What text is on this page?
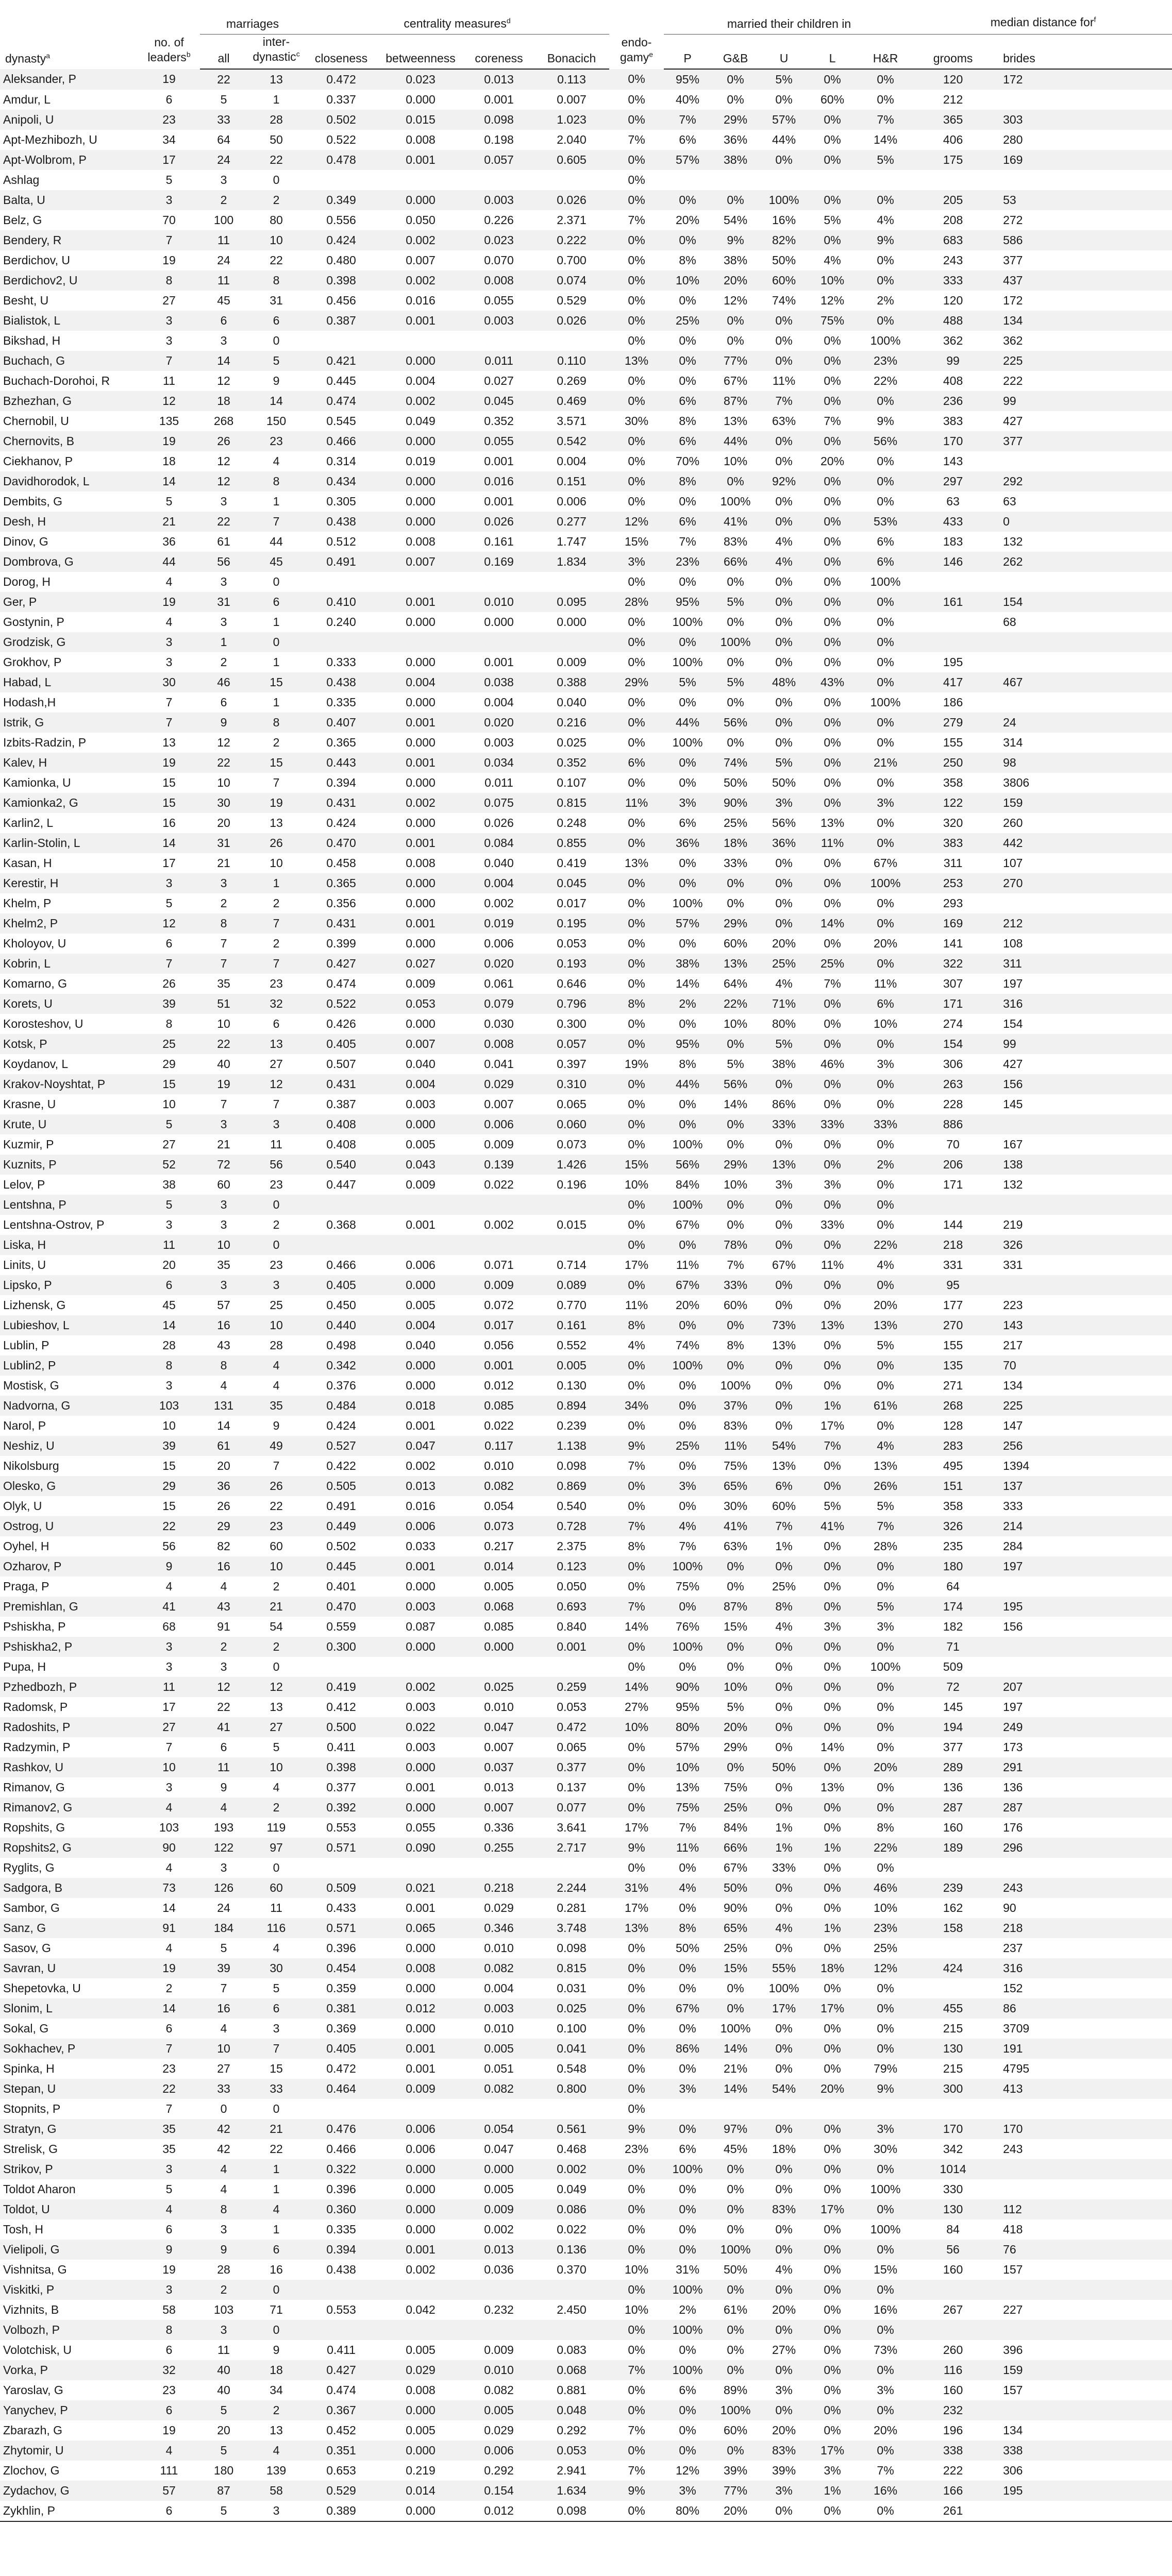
dynasty$^a$	no. of leaders$^b$	marriages		centrality measures$^d$				endo-gamy$^e$	married their children in					median distance for$^f$
		all	inter-dynastic$^c$	closeness	betweenness	coreness	Bonacich		P	G&B	U	L	H&R	grooms	brides
Aleksander, P	19	22	13	0.472	0.023	0.013	0.113	0%	95%	0%	5%	0%	0%	120	172
Amdur, L	6	5	1	0.337	0.000	0.001	0.007	0%	40%	0%	0%	60%	0%	212	
Anipoli, U	23	33	28	0.502	0.015	0.098	1.023	0%	7%	29%	57%	0%	7%	365	303
Apt-Mezhibozh, U	34	64	50	0.522	0.008	0.198	2.040	7%	6%	36%	44%	0%	14%	406	280
Apt-Wolbrom, P	17	24	22	0.478	0.001	0.057	0.605	0%	57%	38%	0%	0%	5%	175	169
Ashlag	5	3	0					0%							
Balta, U	3	2	2	0.349	0.000	0.003	0.026	0%	0%	0%	100%	0%	0%	205	53
Belz, G	70	100	80	0.556	0.050	0.226	2.371	7%	20%	54%	16%	5%	4%	208	272
Bendery, R	7	11	10	0.424	0.002	0.023	0.222	0%	0%	9%	82%	0%	9%	683	586
Berdichov, U	19	24	22	0.480	0.007	0.070	0.700	0%	8%	38%	50%	4%	0%	243	377
Berdichov2, U	8	11	8	0.398	0.002	0.008	0.074	0%	10%	20%	60%	10%	0%	333	437
Besht, U	27	45	31	0.456	0.016	0.055	0.529	0%	0%	12%	74%	12%	2%	120	172
Bialistok, L	3	6	6	0.387	0.001	0.003	0.026	0%	25%	0%	0%	75%	0%	488	134
Bikshad, H	3	3	0					0%	0%	0%	0%	0%	100%	362	362
Buchach, G	7	14	5	0.421	0.000	0.011	0.110	13%	0%	77%	0%	0%	23%	99	225
Buchach-Dorohoi, R	11	12	9	0.445	0.004	0.027	0.269	0%	0%	67%	11%	0%	22%	408	222
Bzhezhan, G	12	18	14	0.474	0.002	0.045	0.469	0%	6%	87%	7%	0%	0%	236	99
Chernobil, U	135	268	150	0.545	0.049	0.352	3.571	30%	8%	13%	63%	7%	9%	383	427
Chernovits, B	19	26	23	0.466	0.000	0.055	0.542	0%	6%	44%	0%	0%	56%	170	377
Ciekhanov, P	18	12	4	0.314	0.019	0.001	0.004	0%	70%	10%	0%	20%	0%	143	
Davidhorodok, L	14	12	8	0.434	0.000	0.016	0.151	0%	8%	0%	92%	0%	0%	297	292
Dembits, G	5	3	1	0.305	0.000	0.001	0.006	0%	0%	100%	0%	0%	0%	63	63
Desh, H	21	22	7	0.438	0.000	0.026	0.277	12%	6%	41%	0%	0%	53%	433	0
Dinov, G	36	61	44	0.512	0.008	0.161	1.747	15%	7%	83%	4%	0%	6%	183	132
Dombrova, G	44	56	45	0.491	0.007	0.169	1.834	3%	23%	66%	4%	0%	6%	146	262
Dorog, H	4	3	0					0%	0%	0%	0%	0%	100%		
Ger, P	19	31	6	0.410	0.001	0.010	0.095	28%	95%	5%	0%	0%	0%	161	154
Gostynin, P	4	3	1	0.240	0.000	0.000	0.000	0%	100%	0%	0%	0%	0%		68
Grodzisk, G	3	1	0					0%	0%	100%	0%	0%	0%		
Grokhov, P	3	2	1	0.333	0.000	0.001	0.009	0%	100%	0%	0%	0%	0%	195	
Habad, L	30	46	15	0.438	0.004	0.038	0.388	29%	5%	5%	48%	43%	0%	417	467
Hodash,H	7	6	1	0.335	0.000	0.004	0.040	0%	0%	0%	0%	0%	100%	186	
Istrik, G	7	9	8	0.407	0.001	0.020	0.216	0%	44%	56%	0%	0%	0%	279	24
Izbits-Radzin, P	13	12	2	0.365	0.000	0.003	0.025	0%	100%	0%	0%	0%	0%	155	314
Kalev, H	19	22	15	0.443	0.001	0.034	0.352	6%	0%	74%	5%	0%	21%	250	98
Kamionka, U	15	10	7	0.394	0.000	0.011	0.107	0%	0%	50%	50%	0%	0%	358	3806
Kamionka2, G	15	30	19	0.431	0.002	0.075	0.815	11%	3%	90%	3%	0%	3%	122	159
Karlin2, L	16	20	13	0.424	0.000	0.026	0.248	0%	6%	25%	56%	13%	0%	320	260
Karlin-Stolin, L	14	31	26	0.470	0.001	0.084	0.855	0%	36%	18%	36%	11%	0%	383	442
Kasan, H	17	21	10	0.458	0.008	0.040	0.419	13%	0%	33%	0%	0%	67%	311	107
Kerestir, H	3	3	1	0.365	0.000	0.004	0.045	0%	0%	0%	0%	0%	100%	253	270
Khelm, P	5	2	2	0.356	0.000	0.002	0.017	0%	100%	0%	0%	0%	0%	293	
Khelm2, P	12	8	7	0.431	0.001	0.019	0.195	0%	57%	29%	0%	14%	0%	169	212
Kholoyov, U	6	7	2	0.399	0.000	0.006	0.053	0%	0%	60%	20%	0%	20%	141	108
Kobrin, L	7	7	7	0.427	0.027	0.020	0.193	0%	38%	13%	25%	25%	0%	322	311
Komarno, G	26	35	23	0.474	0.009	0.061	0.646	0%	14%	64%	4%	7%	11%	307	197
Korets, U	39	51	32	0.522	0.053	0.079	0.796	8%	2%	22%	71%	0%	6%	171	316
Korosteshov, U	8	10	6	0.426	0.000	0.030	0.300	0%	0%	10%	80%	0%	10%	274	154
Kotsk, P	25	22	13	0.405	0.007	0.008	0.057	0%	95%	0%	5%	0%	0%	154	99
Koydanov, L	29	40	27	0.507	0.040	0.041	0.397	19%	8%	5%	38%	46%	3%	306	427
Krakov-Noyshtat, P	15	19	12	0.431	0.004	0.029	0.310	0%	44%	56%	0%	0%	0%	263	156
Krasne, U	10	7	7	0.387	0.003	0.007	0.065	0%	0%	14%	86%	0%	0%	228	145
Krute, U	5	3	3	0.408	0.000	0.006	0.060	0%	0%	0%	33%	33%	33%	886	
Kuzmir, P	27	21	11	0.408	0.005	0.009	0.073	0%	100%	0%	0%	0%	0%	70	167
Kuznits, P	52	72	56	0.540	0.043	0.139	1.426	15%	56%	29%	13%	0%	2%	206	138
Lelov, P	38	60	23	0.447	0.009	0.022	0.196	10%	84%	10%	3%	3%	0%	171	132
Lentshna, P	5	3	0					0%	100%	0%	0%	0%	0%		
Lentshna-Ostrov, P	3	3	2	0.368	0.001	0.002	0.015	0%	67%	0%	0%	33%	0%	144	219
Liska, H	11	10	0					0%	0%	78%	0%	0%	22%	218	326
Linits, U	20	35	23	0.466	0.006	0.071	0.714	17%	11%	7%	67%	11%	4%	331	331
Lipsko, P	6	3	3	0.405	0.000	0.009	0.089	0%	67%	33%	0%	0%	0%	95	
Lizhensk, G	45	57	25	0.450	0.005	0.072	0.770	11%	20%	60%	0%	0%	20%	177	223
Lubieshov, L	14	16	10	0.440	0.004	0.017	0.161	8%	0%	0%	73%	13%	13%	270	143
Lublin, P	28	43	28	0.498	0.040	0.056	0.552	4%	74%	8%	13%	0%	5%	155	217
Lublin2, P	8	8	4	0.342	0.000	0.001	0.005	0%	100%	0%	0%	0%	0%	135	70
Mostisk, G	3	4	4	0.376	0.000	0.012	0.130	0%	0%	100%	0%	0%	0%	271	134
Nadvorna, G	103	131	35	0.484	0.018	0.085	0.894	34%	0%	37%	0%	1%	61%	268	225
Narol, P	10	14	9	0.424	0.001	0.022	0.239	0%	0%	83%	0%	17%	0%	128	147
Neshiz, U	39	61	49	0.527	0.047	0.117	1.138	9%	25%	11%	54%	7%	4%	283	256
Nikolsburg	15	20	7	0.422	0.002	0.010	0.098	7%	0%	75%	13%	0%	13%	495	1394
Olesko, G	29	36	26	0.505	0.013	0.082	0.869	0%	3%	65%	6%	0%	26%	151	137
Olyk, U	15	26	22	0.491	0.016	0.054	0.540	0%	0%	30%	60%	5%	5%	358	333
Ostrog, U	22	29	23	0.449	0.006	0.073	0.728	7%	4%	41%	7%	41%	7%	326	214
Oyhel, H	56	82	60	0.502	0.033	0.217	2.375	8%	7%	63%	1%	0%	28%	235	284
Ozharov, P	9	16	10	0.445	0.001	0.014	0.123	0%	100%	0%	0%	0%	0%	180	197
Praga, P	4	4	2	0.401	0.000	0.005	0.050	0%	75%	0%	25%	0%	0%	64	
Premishlan, G	41	43	21	0.470	0.003	0.068	0.693	7%	0%	87%	8%	0%	5%	174	195
Pshiskha, P	68	91	54	0.559	0.087	0.085	0.840	14%	76%	15%	4%	3%	3%	182	156
Pshiskha2, P	3	2	2	0.300	0.000	0.000	0.001	0%	100%	0%	0%	0%	0%	71	
Pupa, H	3	3	0					0%	0%	0%	0%	0%	100%	509	
Pzhedbozh, P	11	12	12	0.419	0.002	0.025	0.259	14%	90%	10%	0%	0%	0%	72	207
Radomsk, P	17	22	13	0.412	0.003	0.010	0.053	27%	95%	5%	0%	0%	0%	145	197
Radoshits, P	27	41	27	0.500	0.022	0.047	0.472	10%	80%	20%	0%	0%	0%	194	249
Radzymin, P	7	6	5	0.411	0.003	0.007	0.065	0%	57%	29%	0%	14%	0%	377	173
Rashkov, U	10	11	10	0.398	0.000	0.037	0.377	0%	10%	0%	50%	0%	20%	289	291
Rimanov, G	3	9	4	0.377	0.001	0.013	0.137	0%	13%	75%	0%	13%	0%	136	136
Rimanov2, G	4	4	2	0.392	0.000	0.007	0.077	0%	75%	25%	0%	0%	0%	287	287
Ropshits, G	103	193	119	0.553	0.055	0.336	3.641	17%	7%	84%	1%	0%	8%	160	176
Ropshits2, G	90	122	97	0.571	0.090	0.255	2.717	9%	11%	66%	1%	1%	22%	189	296
Ryglits, G	4	3	0					0%	0%	67%	33%	0%	0%		
Sadgora, B	73	126	60	0.509	0.021	0.218	2.244	31%	4%	50%	0%	0%	46%	239	243
Sambor, G	14	24	11	0.433	0.001	0.029	0.281	17%	0%	90%	0%	0%	10%	162	90
Sanz, G	91	184	116	0.571	0.065	0.346	3.748	13%	8%	65%	4%	1%	23%	158	218
Sasov, G	4	5	4	0.396	0.000	0.010	0.098	0%	50%	25%	0%	0%	25%		237
Savran, U	19	39	30	0.454	0.008	0.082	0.815	0%	0%	15%	55%	18%	12%	424	316
Shepetovka, U	2	7	5	0.359	0.000	0.004	0.031	0%	0%	0%	100%	0%	0%		152
Slonim, L	14	16	6	0.381	0.012	0.003	0.025	0%	67%	0%	17%	17%	0%	455	86
Sokal, G	6	4	3	0.369	0.000	0.010	0.100	0%	0%	100%	0%	0%	0%	215	3709
Sokhachev, P	7	10	7	0.405	0.001	0.005	0.041	0%	86%	14%	0%	0%	0%	130	191
Spinka, H	23	27	15	0.472	0.001	0.051	0.548	0%	0%	21%	0%	0%	79%	215	4795
Stepan, U	22	33	33	0.464	0.009	0.082	0.800	0%	3%	14%	54%	20%	9%	300	413
Stopnits, P	7	0	0					0%							
Stratyn, G	35	42	21	0.476	0.006	0.054	0.561	9%	0%	97%	0%	0%	3%	170	170
Strelisk, G	35	42	22	0.466	0.006	0.047	0.468	23%	6%	45%	18%	0%	30%	342	243
Strikov, P	3	4	1	0.322	0.000	0.000	0.002	0%	100%	0%	0%	0%	0%	1014	
Toldot Aharon	5	4	1	0.396	0.000	0.005	0.049	0%	0%	0%	0%	0%	100%	330	
Toldot, U	4	8	4	0.360	0.000	0.009	0.086	0%	0%	0%	83%	17%	0%	130	112
Tosh, H	6	3	1	0.335	0.000	0.002	0.022	0%	0%	0%	0%	0%	100%	84	418
Vielipoli, G	9	9	6	0.394	0.001	0.013	0.136	0%	0%	100%	0%	0%	0%	56	76
Vishnitsa, G	19	28	16	0.438	0.002	0.036	0.370	10%	31%	50%	4%	0%	15%	160	157
Viskitki, P	3	2	0					0%	100%	0%	0%	0%	0%		
Vizhnits, B	58	103	71	0.553	0.042	0.232	2.450	10%	2%	61%	20%	0%	16%	267	227
Volbozh, P	8	3	0					0%	100%	0%	0%	0%	0%		
Volotchisk, U	6	11	9	0.411	0.005	0.009	0.083	0%	0%	0%	27%	0%	73%	260	396
Vorka, P	32	40	18	0.427	0.029	0.010	0.068	7%	100%	0%	0%	0%	0%	116	159
Yaroslav, G	23	40	34	0.474	0.008	0.082	0.881	0%	6%	89%	3%	0%	3%	160	157
Yanychev, P	6	5	2	0.367	0.000	0.005	0.048	0%	0%	100%	0%	0%	0%	232	
Zbarazh, G	19	20	13	0.452	0.005	0.029	0.292	7%	0%	60%	20%	0%	20%	196	134
Zhytomir, U	4	5	4	0.351	0.000	0.006	0.053	0%	0%	0%	83%	17%	0%	338	338
Zlochov, G	111	180	139	0.653	0.219	0.292	2.941	7%	12%	39%	39%	3%	7%	222	306
Zydachov, G	57	87	58	0.529	0.014	0.154	1.634	9%	3%	77%	3%	1%	16%	166	195
Zykhlin, P	6	5	3	0.389	0.000	0.012	0.098	0%	80%	20%	0%	0%	0%	261	
